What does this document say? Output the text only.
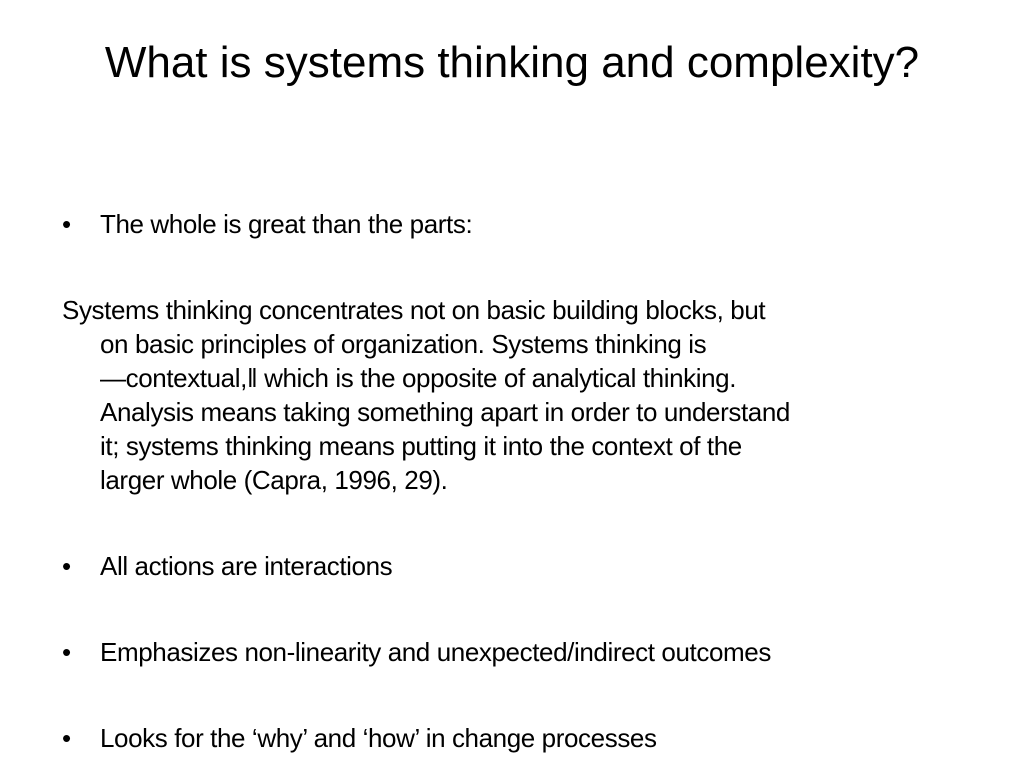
What is systems thinking and complexity?
• The whole is great than the parts:
Systems thinking concentrates not on basic building blocks, but
on basic principles of organization. Systems thinking is
—contextual,‖ which is the opposite of analytical thinking.
Analysis means taking something apart in order to understand
it; systems thinking means putting it into the context of the
larger whole (Capra, 1996, 29).
• All actions are interactions
• Emphasizes non-linearity and unexpected/indirect outcomes
• Looks for the ‘why’ and ‘how’ in change processes
